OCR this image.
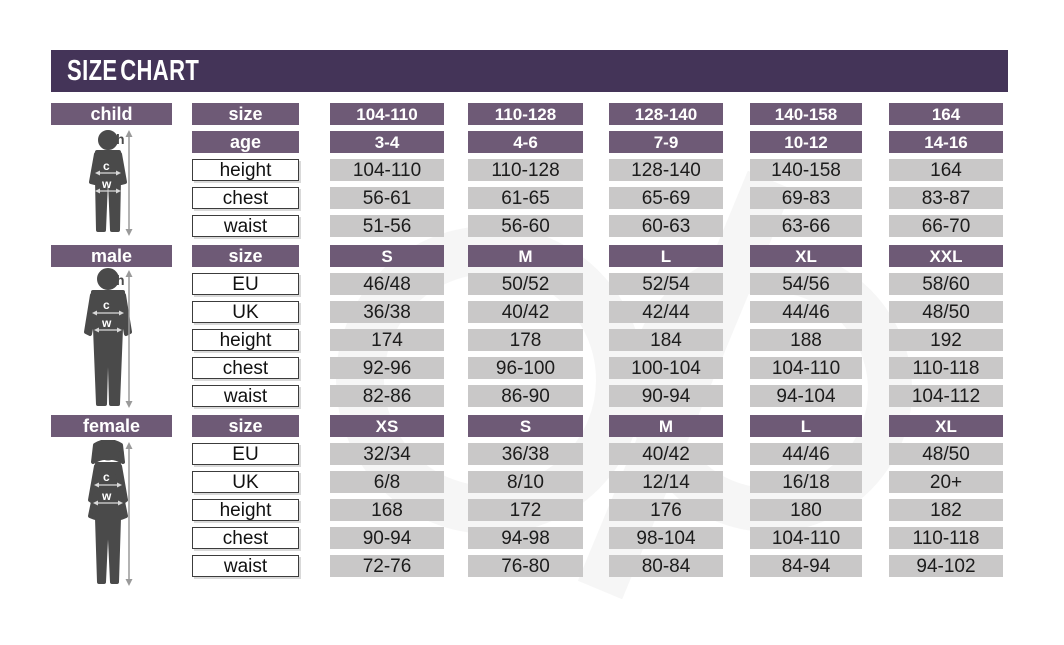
SIZE CHART
child
c
w
h
size	104-110	110-128	128-140	140-158	164
age	3-4	4-6	7-9	10-12	14-16
height	104-110	110-128	128-140	140-158	164
chest	56-61	61-65	65-69	69-83	83-87
waist	51-56	56-60	60-63	63-66	66-70
male
c
w
h
size	S	M	L	XL	XXL
EU	46/48	50/52	52/54	54/56	58/60
UK	36/38	40/42	42/44	44/46	48/50
height	174	178	184	188	192
chest	92-96	96-100	100-104	104-110	110-118
waist	82-86	86-90	90-94	94-104	104-112
female
c
w
h
size	XS	S	M	L	XL
EU	32/34	36/38	40/42	44/46	48/50
UK	6/8	8/10	12/14	16/18	20+
height	168	172	176	180	182
chest	90-94	94-98	98-104	104-110	110-118
waist	72-76	76-80	80-84	84-94	94-102
